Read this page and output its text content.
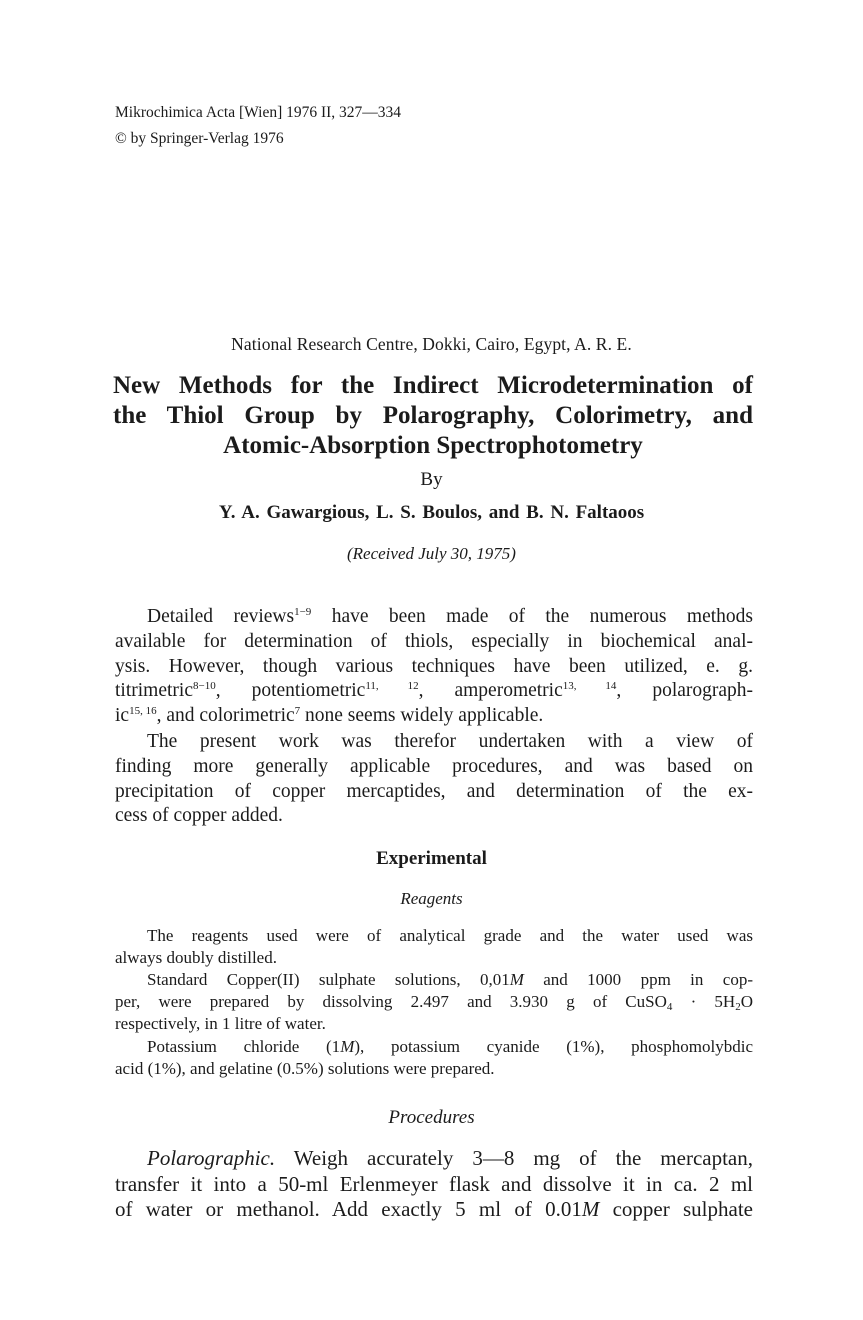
Mikrochimica Acta [Wien] 1976 II, 327—334
© by Springer-Verlag 1976
National Research Centre, Dokki, Cairo, Egypt, A. R. E.
New Methods for the Indirect Microdetermination of
the Thiol Group by Polarography, Colorimetry, and
Atomic-Absorption Spectrophotometry
By
Y. A. Gawargious, L. S. Boulos, and B. N. Faltaoos
(Received July 30, 1975)
Detailed reviews$^{1-9}$ have been made of the numerous methods
available for determination of thiols, especially in biochemical anal-
ysis. However, though various techniques have been utilized, e. g.
titrimetric$^{8-10}$, potentiometric$^{11, 12}$, amperometric$^{13, 14}$, polarograph-
ic$^{15, 16}$, and colorimetric$^7$ none seems widely applicable.
The present work was therefor undertaken with a view of
finding more generally applicable procedures, and was based on
precipitation of copper mercaptides, and determination of the ex-
cess of copper added.
Experimental
Reagents
The reagents used were of analytical grade and the water used was
always doubly distilled.
Standard Copper(II) sulphate solutions, 0,01M and 1000 ppm in cop-
per, were prepared by dissolving 2.497 and 3.930 g of CuSO$_4$ · $5H_2O$
respectively, in 1 litre of water.
Potassium chloride (1M), potassium cyanide (1%), phosphomolybdic
acid (1%), and gelatine (0.5%) solutions were prepared.
Procedures
Polarographic. Weigh accurately 3—8 mg of the mercaptan,
transfer it into a 50-ml Erlenmeyer flask and dissolve it in ca. 2 ml
of water or methanol. Add exactly 5 ml of 0.01M copper sulphate
